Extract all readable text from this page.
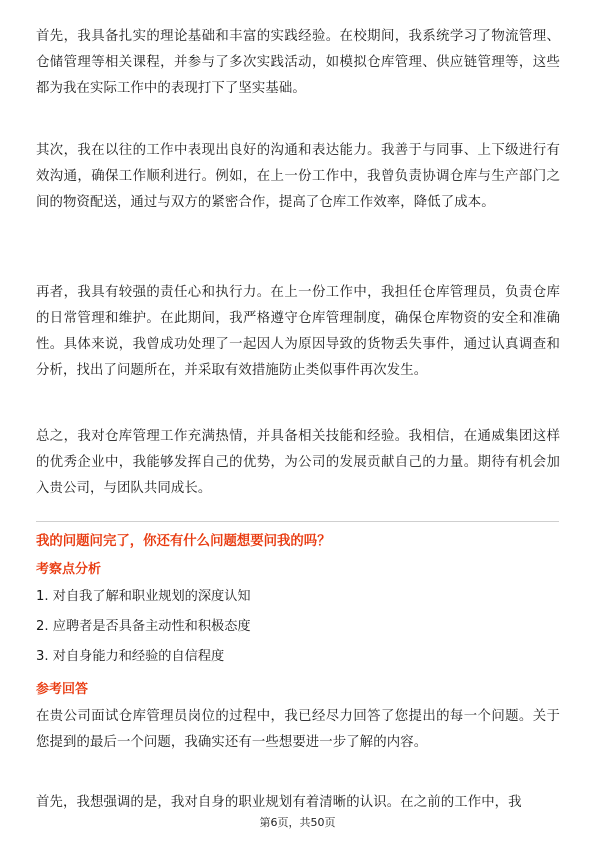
首先，我具备扎实的理论基础和丰富的实践经验。在校期间，我系统学习了物流管理、仓储管理等相关课程，并参与了多次实践活动，如模拟仓库管理、供应链管理等，这些都为我在实际工作中的表现打下了坚实基础。

其次，我在以往的工作中表现出良好的沟通和表达能力。我善于与同事、上下级进行有效沟通，确保工作顺利进行。例如，在上一份工作中，我曾负责协调仓库与生产部门之间的物资配送，通过与双方的紧密合作，提高了仓库工作效率，降低了成本。

再者，我具有较强的责任心和执行力。在上一份工作中，我担任仓库管理员，负责仓库的日常管理和维护。在此期间，我严格遵守仓库管理制度，确保仓库物资的安全和准确性。具体来说，我曾成功处理了一起因人为原因导致的货物丢失事件，通过认真调查和分析，找出了问题所在，并采取有效措施防止类似事件再次发生。

总之，我对仓库管理工作充满热情，并具备相关技能和经验。我相信，在通威集团这样的优秀企业中，我能够发挥自己的优势，为公司的发展贡献自己的力量。期待有机会加入贵公司，与团队共同成长。

我的问题问完了，你还有什么问题想要问我的吗？

考察点分析

1. 对自我了解和职业规划的深度认知

2. 应聘者是否具备主动性和积极态度

3. 对自身能力和经验的自信程度

参考回答

在贵公司面试仓库管理员岗位的过程中，我已经尽力回答了您提出的每一个问题。关于您提到的最后一个问题，我确实还有一些想要进一步了解的内容。

首先，我想强调的是，我对自身的职业规划有着清晰的认识。在之前的工作中，我

第6页，共50页
